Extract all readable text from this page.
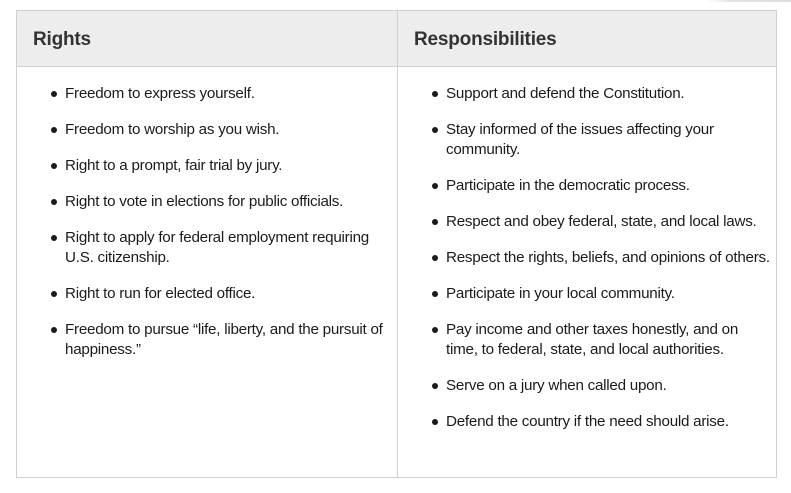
Rights	Responsibilities
Freedom to express yourself.
Freedom to worship as you wish.
Right to a prompt, fair trial by jury.
Right to vote in elections for public officials.
Right to apply for federal employment requiring U.S. citizenship.
Right to run for elected office.
Freedom to pursue “life, liberty, and the pursuit of happiness.”
Support and defend the Constitution.
Stay informed of the issues affecting your community.
Participate in the democratic process.
Respect and obey federal, state, and local laws.
Respect the rights, beliefs, and opinions of others.
Participate in your local community.
Pay income and other taxes honestly, and on time, to federal, state, and local authorities.
Serve on a jury when called upon.
Defend the country if the need should arise.
